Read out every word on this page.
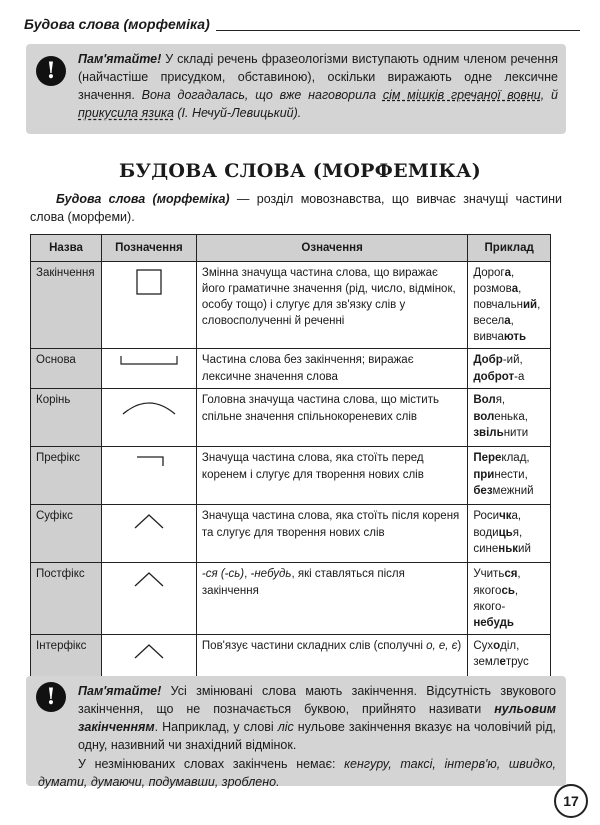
Будова слова (морфеміка)
!	Пам'ятайте! У складі речень фразеологізми виступають одним членом речення (найчастіше присудком, обставиною), оскільки виражають одне лексичне значення. Вона догадалась, що вже наговорила сім мішків гречаної вовни, й прикусила язика (І. Нечуй-Левицький).
БУДОВА СЛОВА (МОРФЕМІКА)
Будова слова (морфеміка) — розділ мовознавства, що вивчає значущі частини слова (морфеми).
Назва	Позначення	Означення	Приклад
Закінчення		Змінна значуща частина слова, що виражає його граматичне значення (рід, число, відмінок, особу тощо) і слугує для зв'язку слів у словосполученні й реченні	Дорога,
розмова,
повчальний,
весела,
вивчають

Основа		Частина слова без закінчення; виражає лексичне значення слова	Добр-ий,
доброт-а

Корінь		Головна значуща частина слова, що містить спільне значення спільнокореневих слів	Воля,
воленька,
звільнити

Префікс		Значуща частина слова, яка стоїть перед коренем і слугує для творення нових слів	Переклад,
принести,
безмежний

Суфікс		Значуща частина слова, яка стоїть після кореня та слугує для творення нових слів	Росичка,
водицья,
синенький

Постфікс		-ся (-сь), -небудь, які ставляться після закінчення	Учиться,
якогось,
якого-небудь

Інтерфікс		Пов'язує частини складних слів (сполучні о, е, є)	Суходіл,
землетрус
!	Пам'ятайте! Усі змінювані слова мають закінчення. Відсутність звукового закінчення, що не позначається буквою, прийнято називати нульовим закінченням. Наприклад, у слові ліс нульове закінчення вказує на чоловічий рід, одну, називний чи знахідний відмінок.

У незмінюваних словах закінчень немає: кенгуру, таксі, інтерв'ю, швидко, думати, думаючи, подумавши, зроблено.

17
